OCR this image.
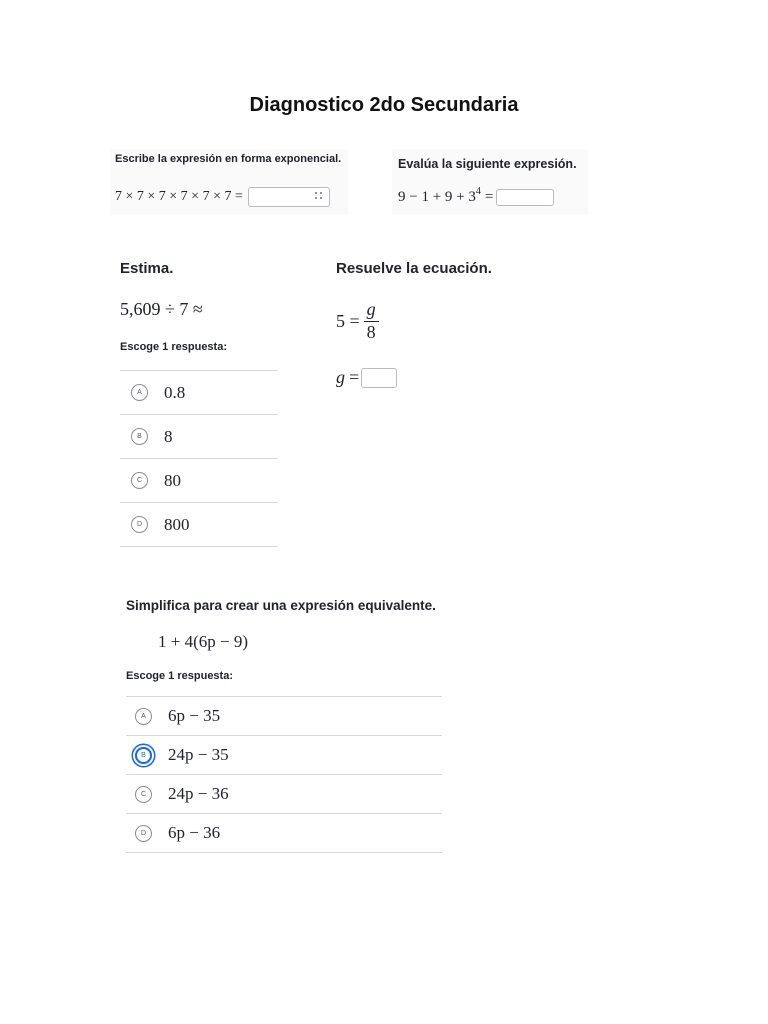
Diagnostico 2do Secundaria
Escribe la expresión en forma exponencial.
7 × 7 × 7 × 7 × 7 × 7 =
Evalúa la siguiente expresión.
$9 - 1 + 9 + 3^4$ =
Estima.
5,609 ÷ 7 ≈
Escoge 1 respuesta:
A	0.8
B	8
C	80
D	800
Resuelve la ecuación.
$5 = \frac{g}{8}$
g =
Simplifica para crear una expresión equivalente.
1 + 4(6p − 9)
Escoge 1 respuesta:
A	6p − 35
B	24p − 35
C	24p − 36
D	6p − 36
